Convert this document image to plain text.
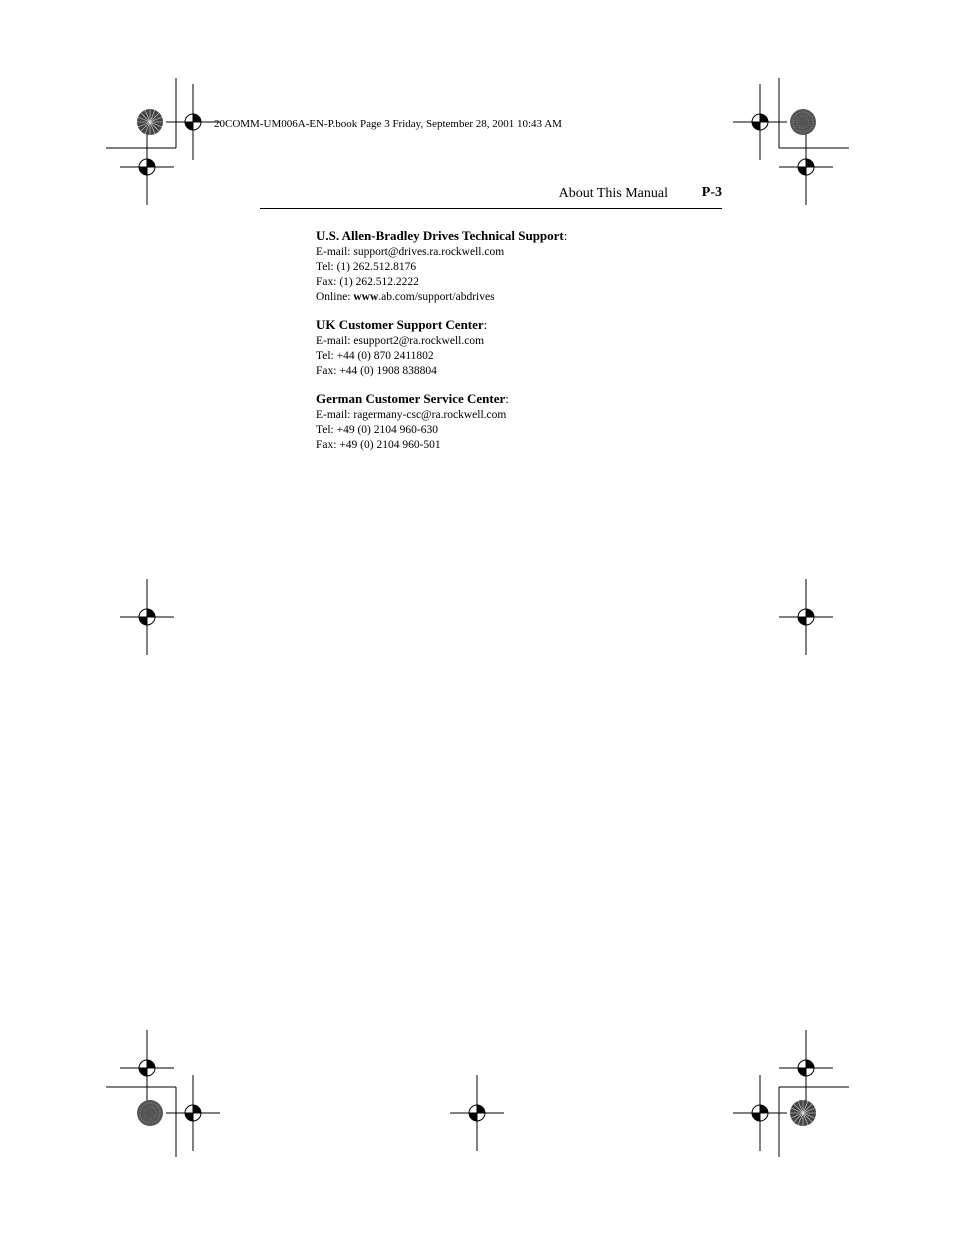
20COMM-UM006A-EN-P.book Page 3 Friday, September 28, 2001 10:43 AM
About This Manual P-3
U.S. Allen-Bradley Drives Technical Support:
E-mail: support@drives.ra.rockwell.com
Tel: (1) 262.512.8176
Fax: (1) 262.512.2222
Online: www.ab.com/support/abdrives
UK Customer Support Center:
E-mail: esupport2@ra.rockwell.com
Tel: +44 (0) 870 2411802
Fax: +44 (0) 1908 838804
German Customer Service Center:
E-mail: ragermany-csc@ra.rockwell.com
Tel: +49 (0) 2104 960-630
Fax: +49 (0) 2104 960-501
